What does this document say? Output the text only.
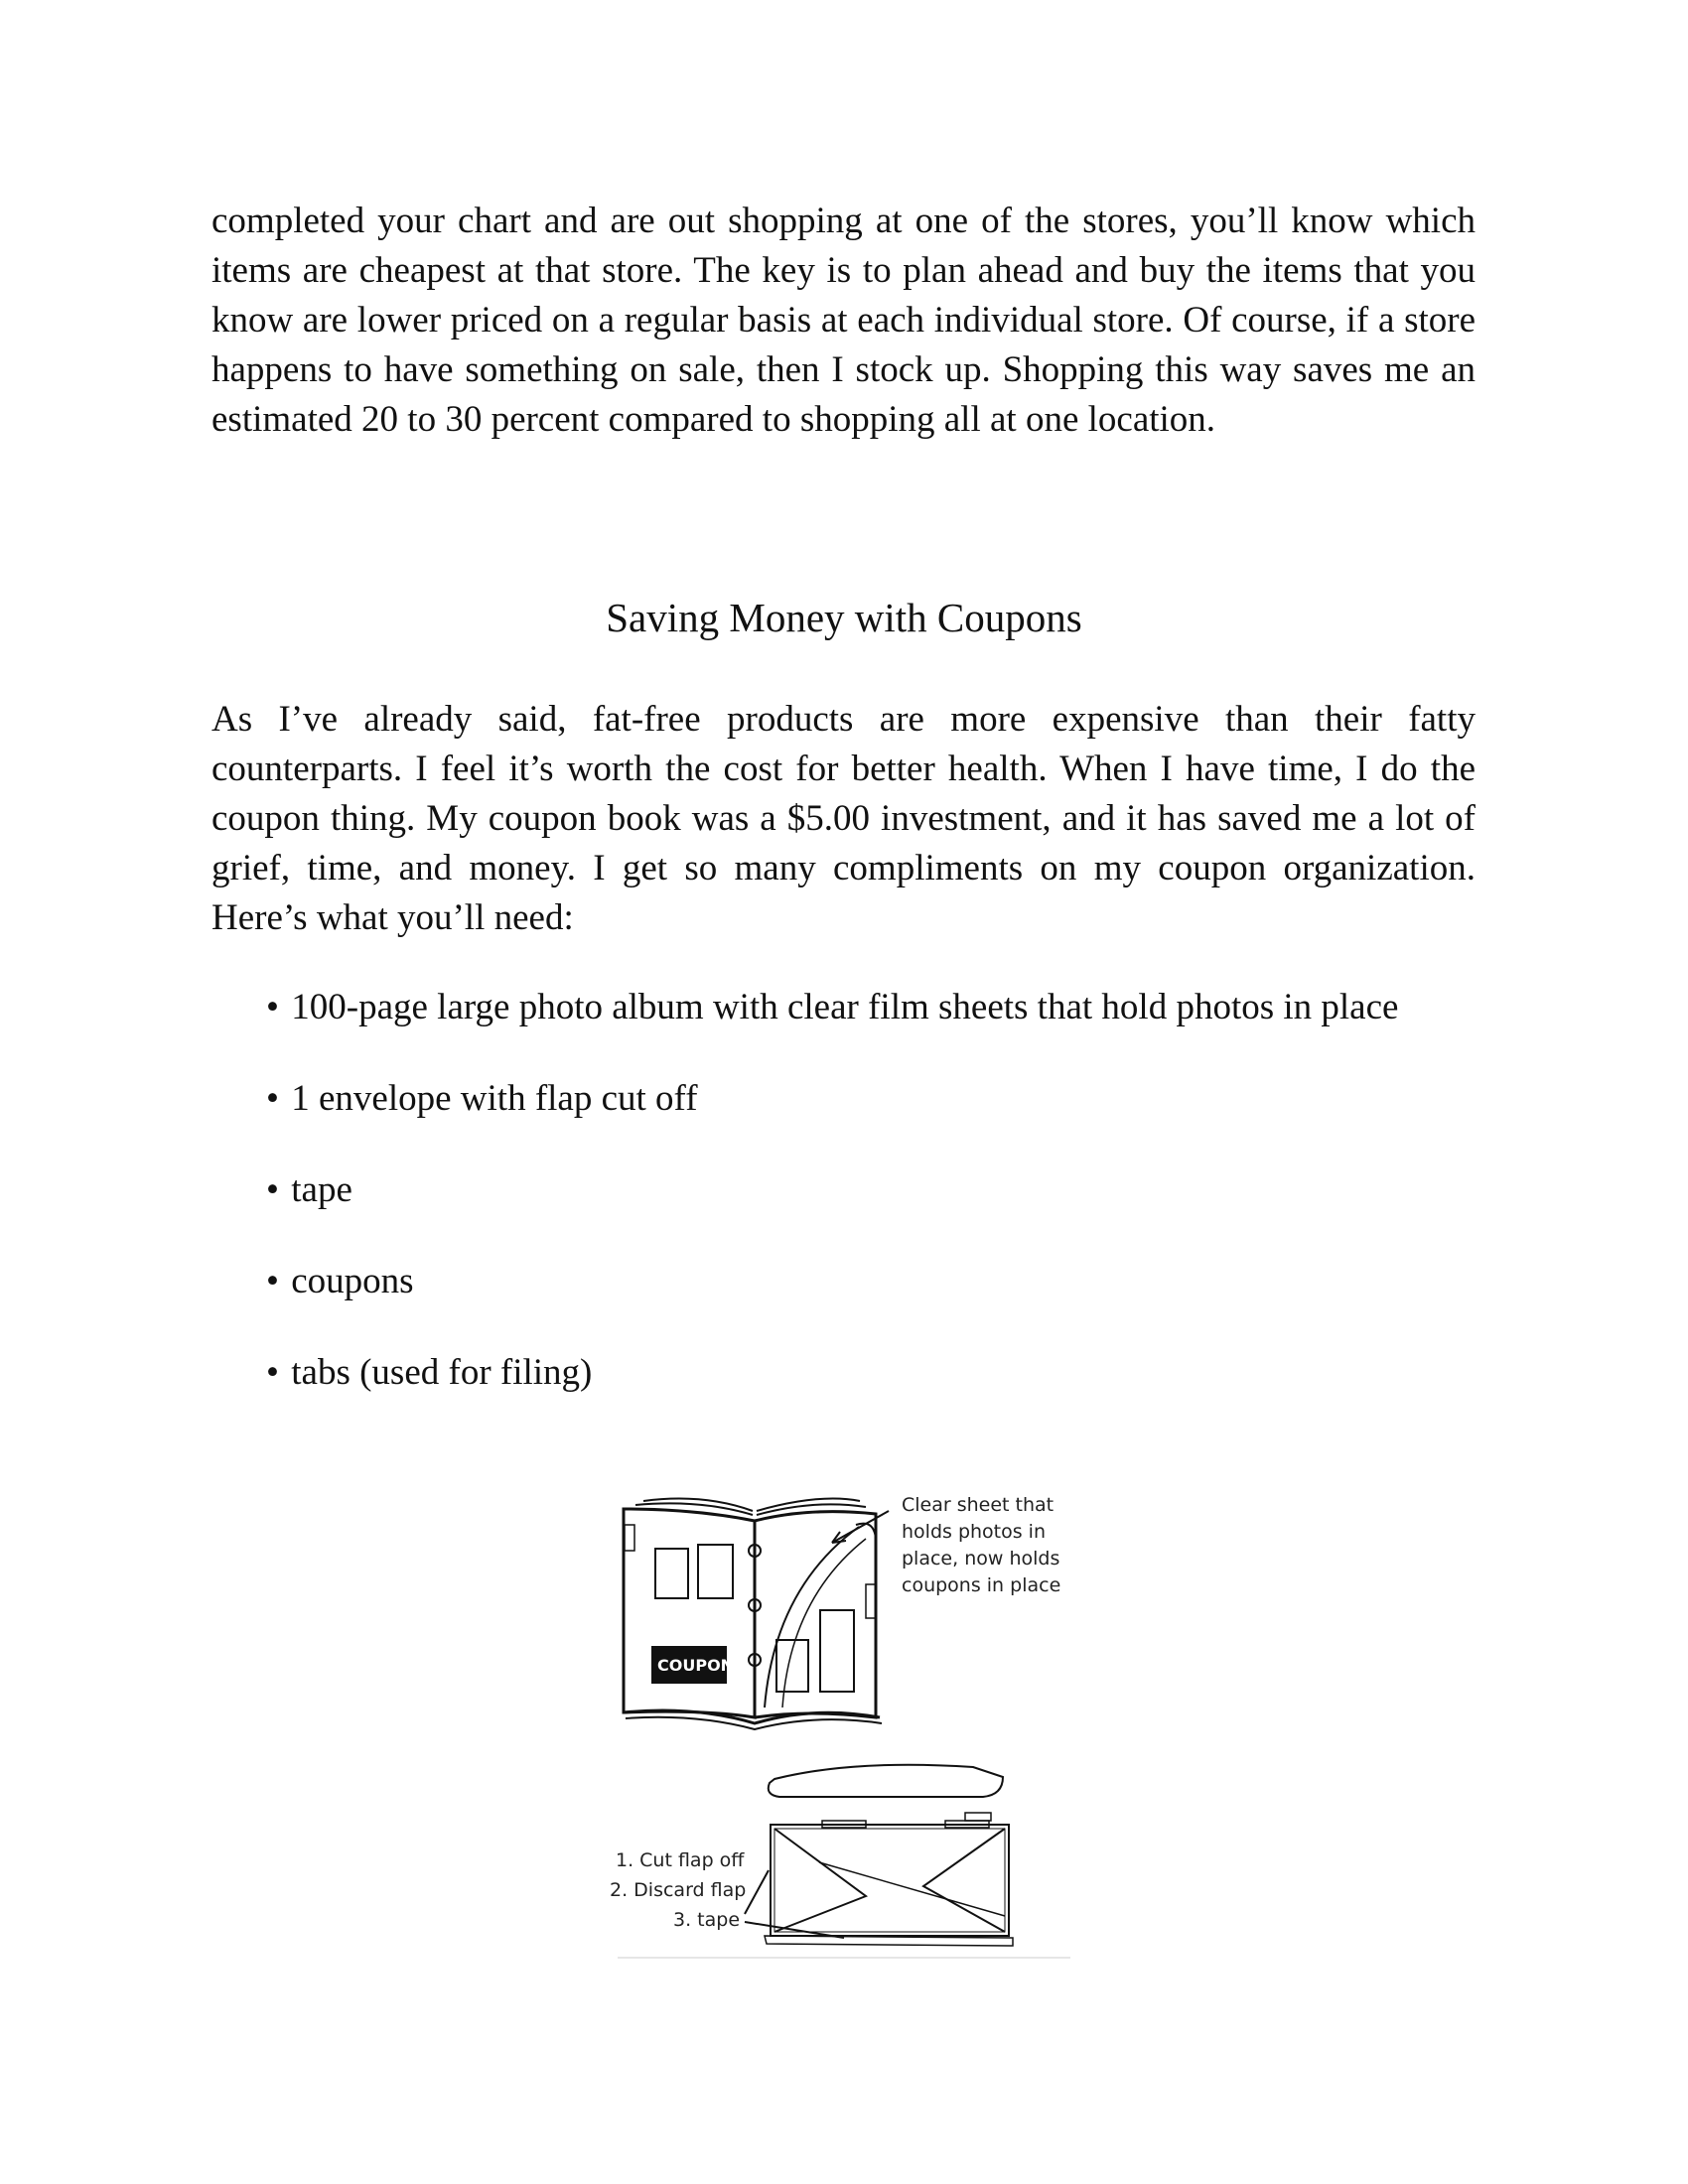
completed your chart and are out shopping at one of the stores, you’ll know which items are cheapest at that store. The key is to plan ahead and buy the items that you know are lower priced on a regular basis at each individual store. Of course, if a store happens to have something on sale, then I stock up. Shopping this way saves me an estimated 20 to 30 percent compared to shopping all at one location.

Saving Money with Coupons

As I’ve already said, fat-free products are more expensive than their fatty counterparts. I feel it’s worth the cost for better health. When I have time, I do the coupon thing. My coupon book was a $5.00 investment, and it has saved me a lot of grief, time, and money. I get so many compliments on my coupon organization. Here’s what you’ll need:

• 100-page large photo album with clear film sheets that hold photos in place
• 1 envelope with flap cut off
• tape
• coupons
• tabs (used for filing)
COUPON
Clear sheet that
holds photos in
place, now holds
coupons in place
1. Cut flap off
2. Discard flap
3. tape
